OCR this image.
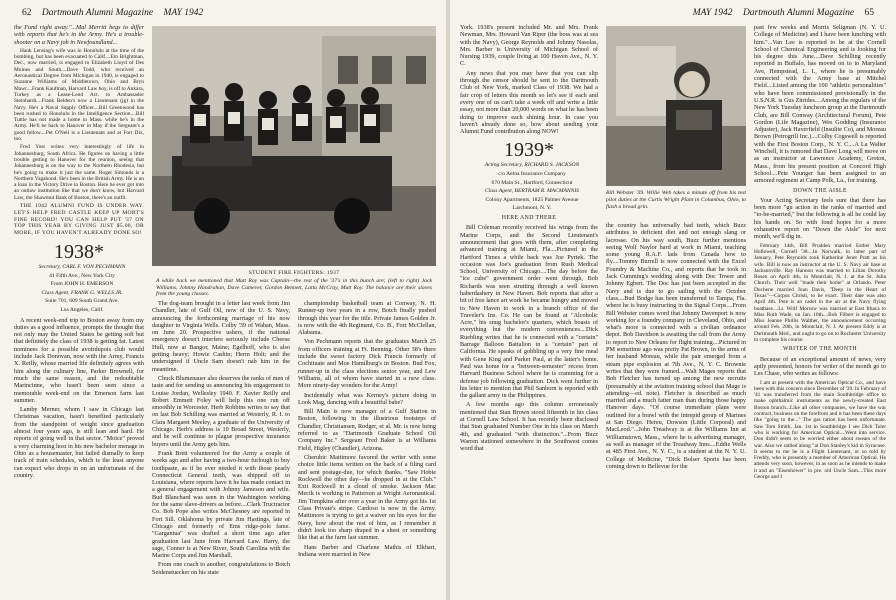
62 Dartmouth Alumni Magazine MAY 1942

the Fund right away."...Mal Merritt begs to differ with reports that he's in the Army. He's a trouble-shooter on a Navy job in Newfoundland...

Hank Lensing's wife was in Honolulu at the time of the bombing, but has been evacuated to Calif....Em Brightman, Dec., now married, is engaged to Elizabeth Lloyd of Des Moines and South....Dave Todd, who received an Aeronautical Degree from Michigan in 1940, is engaged to Suzanne Williams of Middletown, Ohio and Bryn Mawr....Frank Kaufman, Harvard Law boy, is off to Ankara, Turkey as a Lease-Lend Act. to Ambassador Steinhardt....Frank Belden's now a Lieutenant (jg) in the Navy. He's a Naval Supply Officer....Bill Greenwood has been rushed to Honolulu in the Intelligence Section....Bill Tuttle has not made a home in Mass. while he's in the Army. He'll be back to Hanover in May if the Sergeant's a good fellow....Pet O'Neil is a Lieutenant and at Fort Dix, too.

Fred Yost writes very interestingly of life in Johannesburg, South Africa. He figures on having a little trouble getting to Hanover for the reunion, seeing that Johannesburg is on the way to the Northern Rhodesia, but he's going to make it just the same. Roger Simonds is a Northern Vagabond. He's been in the British Army. He is on a loan in the Victory Drive in Boston. Here he ever got into an outlaw institution like that we don't know, but Harvard Law, the Shawmut Bank of Boston, there's an outfit.

THE 1942 ALUMNI FUND IS UNDER WAY. LET'S HELP FRED CASTLE KEEP UP MORT'S FINE RECORD! YOU CAN HELP PUT '37 ON TOP THIS YEAR BY GIVING JUST $5.00, OR MORE, IF YOU HAVEN'T ALREADY DONE SO!

1938*

Secretary, CARL F. VON PECHMANN

41 Fifth Ave., New York City

From JOHN H. EMERSON

Class Agent, FRANK G. WELLS JR.

Suite 701, 609 South Grand Ave.

Los Angeles, Calif.

A recent week-end trip to Boston away from my duties as a good influence, prompts the thought that not only may the United States be getting soft but that definitely the class of 1938 is getting fat. Latest nominees for a possible avoirdupois club would include Jack Donovan, now with the Army, Francis X. Reilly, whose married life definitely agrees with him along the culinary line, Parker Brownell, for much the same reason, and the redoubtable Marincinne, who hasn't been seen since a memorable week-end on the Emerson farm last summer.

Lamby Merner, whom I saw in Chicago last Christmas vacation, hasn't benefited particularly from the standpoint of weight since graduation almost four years ago, is still lean and hard. He reports of going well in that sector. "Moice" proved a very charming host in his new bachelor menage in Ohio as a housemaster, but failed dismally to keep track of train schedules, which is the least anyone can expect who drops in on an unfortunate of the country.

STUDENT FIRE FIGHTERS: 1937
A while back we mentioned that Mutt Roy was Captain—the rest of the '37's in this bunch are; (left to right) Jack Williams, Johnny Handrahan, Dave Camever, Gordon Bennett, Latta McCray, Mutt Roy. The balance are their slaves from the young classes.

The dog-team brought in a letter last week from Jim Chandler, late of Gulf Oil, now of the U. S. Navy, announcing the forthcoming marriage of his now daughter to Virginia Wells. Colby '39 of Waban, Mass. on June 20. Prospective ushers, if the national emergency doesn't interfere seriously include Cheese Hull, now at Bangor, Maine; Egelhoff, who is also getting heavy; Howie Cashin; Herm Holt; and the undersigned if Uncle Sam doesn't nab him in the meantime.

Chuck Blumenauer also deserves the ranks of men of taste and for sending us announcing his engagement to Louise Jordan, Wellesley 1940. F. Xavier Reilly and Robert Emmett Foley will help this one run off smoothly in Worcester. Herb Robbins writes to say that on last Bob Schilling was married at Westerly, R. I. to Clara Margaret Meeley, a graduate of the University of Chicago. Herb's address is 10 Broad Street, Westerly, and he will continue to plague prospective insurance buyers until the Army gets him.

Frank Brett volunteered for the Army a couple of weeks ago and after having a two-hour furlough to buy toothpaste, as if he ever needed it with those pearly Connecticut General teeth, was shipped off to Louisiana, where reports have it he has made contact in a general engagement with Johnny Jameson and wife. Bud Blanchard was seen in the Washington working for the same slave-drivers as before....Clark Tructractor Co. Bob Pope also writes McChesney are reported in Fort Sill. Oklahoma by private Jim Hastings, late of Chicago and formerly of Ems ridge-pole fame. "Gargantua" was drafted a short time ago after graduation last June from Harvard Law. Harry, the sage, Conner is at New River, South Carolina with the Marine Corps and Jim Marshall.

From one coach to another, congratulations to Botch Seidenstuecker on his state

championship basketball team at Conway, N. H. Runner-up two years in a row, Botch finally pushed through this year for the title. Private James Golden Jr. is now with the 4th Regiment, Co. B., Fort McClellan, Alabama.

Von Pechmann reports that the graduates March 25 from officers training at Ft. Benning. Other 38's there include the sweet factory Dick Francis formerly of Cochituate and Moe Hamilburg's in Boston. Bud Fox, runner-up in the class elections senior year, and Lew Williams, all of whom have started in a new class. More ninety-day wonders for the Army!

Incidentally what was Kerney's picture doing in Look Mag, dancing with a beautiful babe?

Bill Main is now manager of a Gulf Station in Boston, following in the illustrious footsteps of Chandler, Christiansen, Rodger, et al. Mr. is now being referred to as "Dartmouth Graduate School Oil Company Inc." Sergeant Fred Baker is at Williams Field, Higley (Chandler), Arizona.

Cherubic Mattimore favored the writer with some choice little items written on the back of a filing card and sent postage-due, for which thanks. "Saw Hobie Rockwell the other day—he dropped in at the Club." Exit Rockwell in a cloud of smoke. Jackson Mac Mecik is working in Patterson at Wright Aeronautical. Jim Tompkins after over a year in the Army got his 1st Class Private's stripe. Cardoso is now in the Army. Mattimore is trying to get a waiver on his eyes for the Navy, how about the rest of him, as I remember it didn't look too sharp draped in a sheet or something like that at the farm last summer.

Hans Barber and Charlene Mathis of Elkhart, Indiana were married in New

MAY 1942 Dartmouth Alumni Magazine 65

York. 1938's present included Mr. and Mrs. Frank Newman, Mrs. Howard Van Riper (the boss was at sea with the Navy), George Reynolds and Johnny Nasolas, Mrs. Barber is University of Michigan School of Nursing 1939, couple living at 100 Haven Ave., N. Y. C.

Any news that you may have that you can slip through the censor should be sent to the Dartmouth Club of New York, marked Class of 1938. We had a fair crop of letters this month so let's see if each and every one of us can't take a week off and write a little essay, not more than 20,000 words on what he has been doing to improve each shining hour. In case you haven't already done so, how about sending your Alumni Fund contribution along NOW!

1939*

Acting Secretary, RICHARD S. JACKSON

c/o Aetna Insurance Company

670 Main St., Hartford, Connecticut

Class Agent, BERTRAM R. MACMANNIS

Colony Apartments, 1825 Palmer Avenue

Larchmont, N. Y.

HERE AND THERE

Bill Coleman recently received his wings from the Marine Corps, and the Second Lieutenant's announcement that goes with them, after completing advanced training at Miami, Fla....Pictured in the Hartford Times a while back was Joe Pyrtek. The occasion was Joe's graduation from Rush Medical School, University of Chicago....The day before the "ice cube" government order went through, Bob Richards was seen strutting through a well known haberdashery in New Haven. Bob reports that after a bit of free lance art work he became hungry and moved to New Haven to work in a branch office of the Traveler's Ins. Co. He can be found at "Alcoholic Acre," his snug bachelor's quarters, which boasts of everything but the modern conveniences....Dick Ruebling writes that he is connected with a "certain" Barrage Balloon Battalion in a "certain" part of California. He speaks of gobbling up a very fine meal with Gene King and Parker Paul, at the latter's home. Paul was home for a "between-semester" recess from Harvard Business School where he is cramming for a defense job following graduation. Dick went further in his letter to mention that Phil Sanborn is reported with the gallant army in the Philippines.

A few months ago this column erroneously mentioned that Stan Brown stood fifteenth in his class at Cornell Law School. It has recently been disclosed that Stan graduated Number One in his class on March 4th, and graduated "with distinction."...From Buzz Warren stationed somewhere in the Southwest comes word that

Bill Webster '39. Willie Web takes a minute off from his test pilot duties at the Curtis Wright Plant in Columbus, Ohio, to flash a broad grin.

the country has universally bad teeth, which Buzz attributes to deficient diet and not enough slang or lacrosse. On his way south, Buzz further mentions seeing Wolf Naylor hard at work in Miami, teaching some young R.A.F. lads from Canada how to fly....Tommy Burrell is now connected with the Excel Foundry & Machine Co., and reports that he took in Jack Cumming's wedding along with Doc Tower and Johnny Egbert. The Doc has just been accepted in the Navy and is due to go sailing with the October class....Bud Bodge has been transferred to Tampa, Fla. where he is busy instructing in the Signal Corps....From Bill Webster comes word that Johnny Davenport is now working for a foundry company in Cleveland, Ohio, and what's more is connected with a civilian ordnance depot. Bob Davidson is awaiting the call from the Army to report to New Orleans for flight training....Pictured in PM sometime ago was pretty Pat Brown, in the arms of her husband Moreau, while the pair emerged from a steam pipe explosion at 7th Ave., N. Y. C. Brownie writes that they were framed....Walt Mages reports that Bob Fletcher has turned up among the new recruits (presumably at the aviation training school that Mage is attending—ed. note). Fletcher is described as much married and a much fatter man than during those happy Hanover days. "Of course immediate plans were outlined for a brawl with the intrepid group of Marines at San Diego. Hereu, Dowson (Little Corporal) and MacLeod."...John Treadway is at the Williams Inn at Williamstown, Mass., where he is advertising manager, as well as manager of the Treadway Inns....Eddie Wells at 485 First Ave., N. Y. C., is a student at the N. Y. U. College of Medicine, "Dick Bolser Sports has been coming down to Bellevue for the

past few weeks and Morris Seligman (N. Y. U. College of Medicine) and I have been lunching with him."...Van Lee is reported to be at the Cornell School of Chemical Engineering and is looking for his degree this June....Dave Schilling recently reported in Buffalo, has moved on to to Maryland Ave, Hempstead, L. I., where he is presumably connected with the Army base at Mitchel Field....Listed among the 100 "athletic personalities" who have been commissioned provisionally in the U.S.N.R. is Gus Zitrides....Among the regulars of the New York Tuesday luncheon group at the Dartmouth Club, are Bill Conway (Architectural Forum), Pete Gordon (Life Magazine), Wes Godding (Insurance Adjuster), Jack Haverfield (Insulite Co), and Moreau Brown (Petrogrill Inc.)....Colby Cogswell is reported with the First Boston Corp., N. Y. C....A La Walter Winchell, it is rumored that Dave Long will move on as an instructor at Lawrence Academy, Groton, Mass., from his present position at Concord High School....Pete Younger has been assigned to an armored regiment at Camp Polk, La., for training.

DOWN THE AISLE

Your Acting Secretary feels sure that there has been more "gu action in the ranks of married and "to-be-married," but the following is all he could lay his hands on. So with fond hopes for a more exhaustive report on "Down the Aisle" for next month, we'll dig in.

February 14th, Bill Prudden married Esther Mary Hollowell, Cornell '38....In Norwalk, in latter part of January, Pete Reynolds took Katherine Jenet Pratt as his wife. Bill is now an instructor at the U. S. Navy air base at Jacksonville. Ray Hannon was married to Lilian Dorothy Rosen on April 4th, in Montclair, N. J. at the St. Julia Church. Their well "made their home" at Orlando. Peter Duchene married Joan Davis, "Deep in the Heart of Texas"—Corpus Christi, to be exact. Their date was also April 4th. Pete is an cadet in the air at the Navy flying boatbase....Lt. Wolf Morrow was married at East Ithaca to Miss Ruth Wade, on Jan. 10th....Bob Filbert is engaged to Miss Jeanne Phillis Walther, the announcement occurring around Feb. 20th, in Montclair, N. J. At present Eddy is at Dartmouth Med., and ought to go on to Rochester University to complete his course.

WRITER OF THE MONTH

Because of an exceptional amount of news, very aptly presented, honors for writer of the month go to Les Chase, who writes as follows:

I am at present with the American Optical Co., and have been with this concern since December of '39. In February of '41 was transferred from the main Southbridge office to make ophthalmic instruments as the newly-created East Boston branch...Like all other companies, we have the war contract, business on the forefront and it has been these days like "going to the..." The gas ration has been unfortunate. Saw Tom Smith, Jan. 1st in Southbridge I see Dick Toler who is working for American Optical....Went into service. Don didn't seem to be worried either about swears of the war. Also we rattled along "at Don Stanley's kid in Syracuse. It seems to me he is a Flight Lieutenant, or so told by Freddy, who is presently a member of American Optical. He attends very soon, however, in as soon as he intends to make it and an "Eisenhower" in pre. old Uncle Sam....This more George and I
